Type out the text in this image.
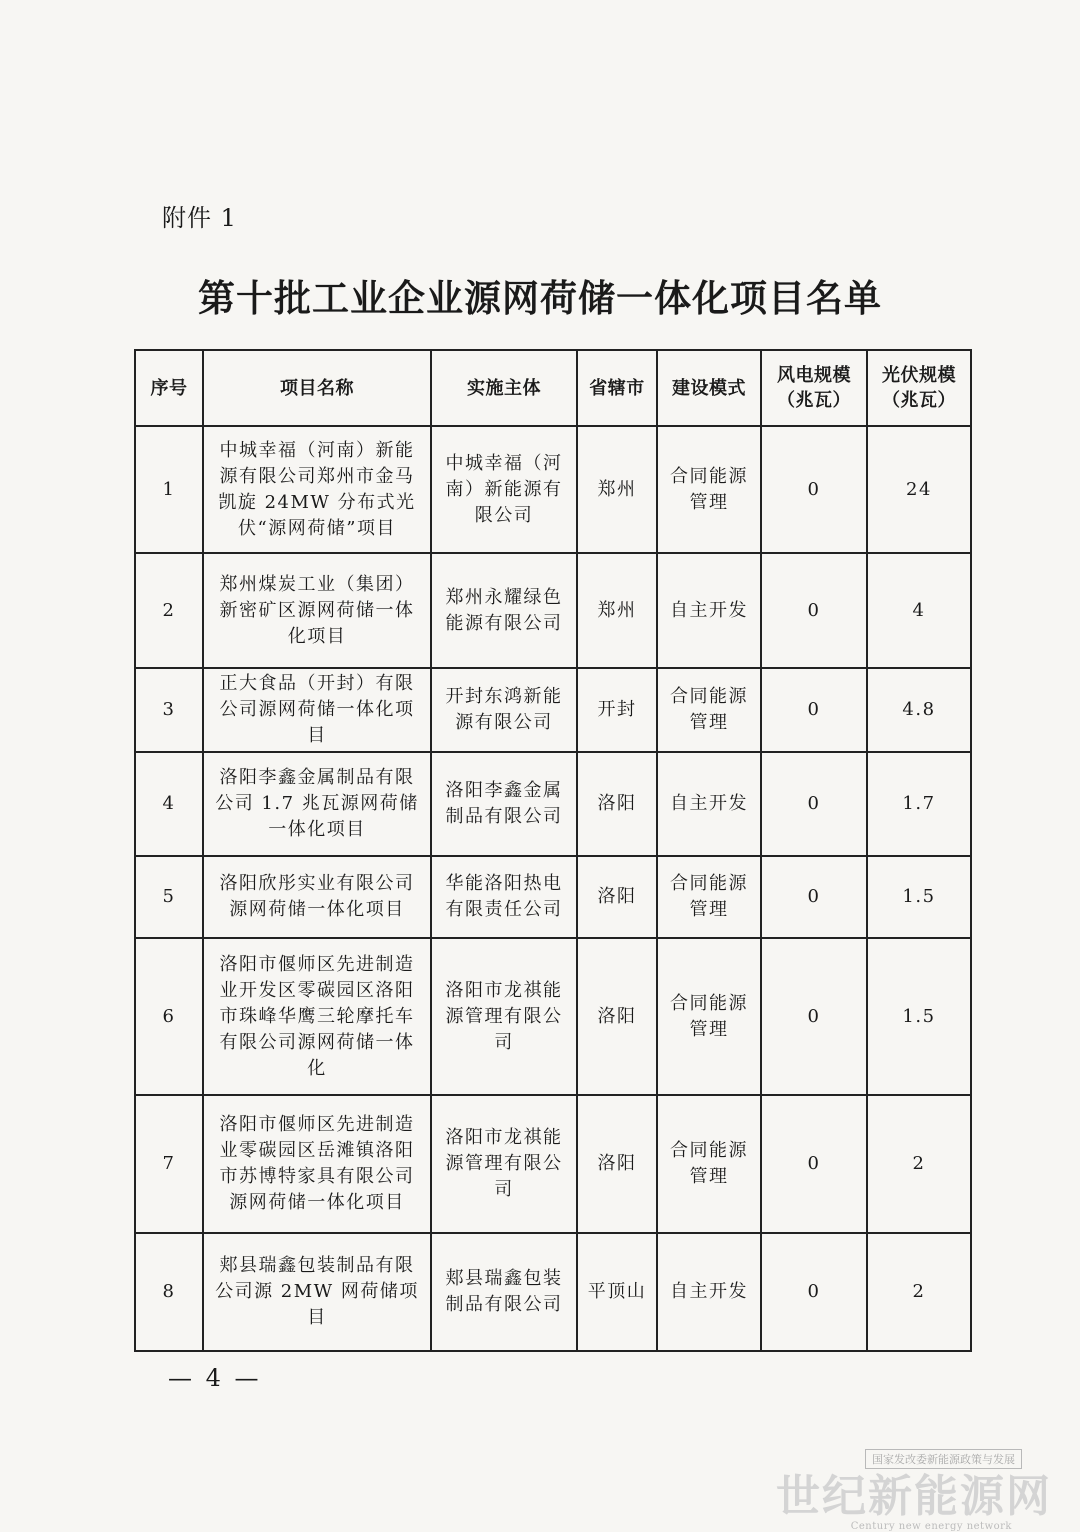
附件 1
第十批工业企业源网荷储一体化项目名单
序号	项目名称	实施主体	省辖市	建设模式	风电规模（兆瓦）	光伏规模（兆瓦）
1	中城幸福（河南）新能源有限公司郑州市金马凯旋 24MW 分布式光伏“源网荷储”项目	中城幸福（河南）新能源有限公司	郑州	合同能源管理	0	24
2	郑州煤炭工业（集团）新密矿区源网荷储一体化项目	郑州永耀绿色能源有限公司	郑州	自主开发	0	4
3	正大食品（开封）有限公司源网荷储一体化项目	开封东鸿新能源有限公司	开封	合同能源管理	0	4.8
4	洛阳李鑫金属制品有限公司 1.7 兆瓦源网荷储一体化项目	洛阳李鑫金属制品有限公司	洛阳	自主开发	0	1.7
5	洛阳欣彤实业有限公司源网荷储一体化项目	华能洛阳热电有限责任公司	洛阳	合同能源管理	0	1.5
6	洛阳市偃师区先进制造业开发区零碳园区洛阳市珠峰华鹰三轮摩托车有限公司源网荷储一体化	洛阳市龙祺能源管理有限公司	洛阳	合同能源管理	0	1.5
7	洛阳市偃师区先进制造业零碳园区岳滩镇洛阳市苏博特家具有限公司源网荷储一体化项目	洛阳市龙祺能源管理有限公司	洛阳	合同能源管理	0	2
8	郏县瑞鑫包装制品有限公司源 2MW 网荷储项目	郏县瑞鑫包装制品有限公司	平顶山	自主开发	0	2
— 4 —
国家发改委新能源政策与发展
世纪新能源网
Century new energy network
